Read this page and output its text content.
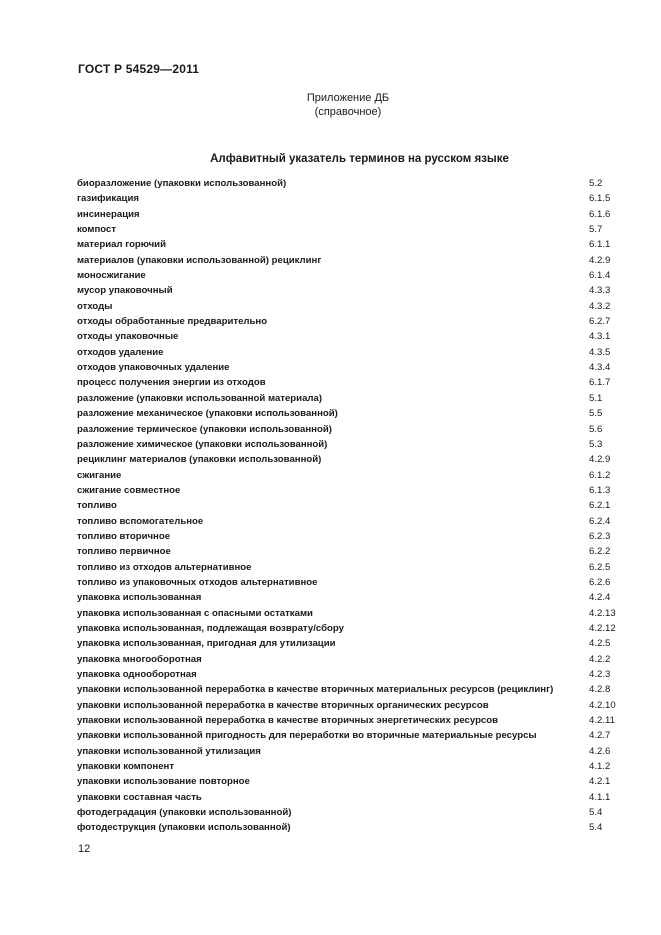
ГОСТ Р 54529—2011
Приложение ДБ
(справочное)
Алфавитный указатель терминов на русском языке
биоразложение (упаковки использованной)	5.2
газификация	6.1.5
инсинерация	6.1.6
компост	5.7
материал горючий	6.1.1
материалов (упаковки использованной) рециклинг	4.2.9
моносжигание	6.1.4
мусор упаковочный	4.3.3
отходы	4.3.2
отходы обработанные предварительно	6.2.7
отходы упаковочные	4.3.1
отходов удаление	4.3.5
отходов упаковочных удаление	4.3.4
процесс получения энергии из отходов	6.1.7
разложение (упаковки использованной материала)	5.1
разложение механическое (упаковки использованной)	5.5
разложение термическое (упаковки использованной)	5.6
разложение химическое (упаковки использованной)	5.3
рециклинг материалов (упаковки использованной)	4.2.9
сжигание	6.1.2
сжигание совместное	6.1.3
топливо	6.2.1
топливо вспомогательное	6.2.4
топливо вторичное	6.2.3
топливо первичное	6.2.2
топливо из отходов альтернативное	6.2.5
топливо из упаковочных отходов альтернативное	6.2.6
упаковка использованная	4.2.4
упаковка использованная с опасными остатками	4.2.13
упаковка использованная, подлежащая возврату/сбору	4.2.12
упаковка использованная, пригодная для утилизации	4.2.5
упаковка многооборотная	4.2.2
упаковка однооборотная	4.2.3
упаковки использованной переработка в качестве вторичных материальных ресурсов (рециклинг)	4.2.8
упаковки использованной переработка в качестве вторичных органических ресурсов	4.2.10
упаковки использованной переработка в качестве вторичных энергетических ресурсов	4.2.11
упаковки использованной пригодность для переработки во вторичные материальные ресурсы	4.2.7
упаковки использованной утилизация	4.2.6
упаковки компонент	4.1.2
упаковки использование повторное	4.2.1
упаковки составная часть	4.1.1
фотодеградация (упаковки использованной)	5.4
фотодеструкция (упаковки использованной)	5.4
12
